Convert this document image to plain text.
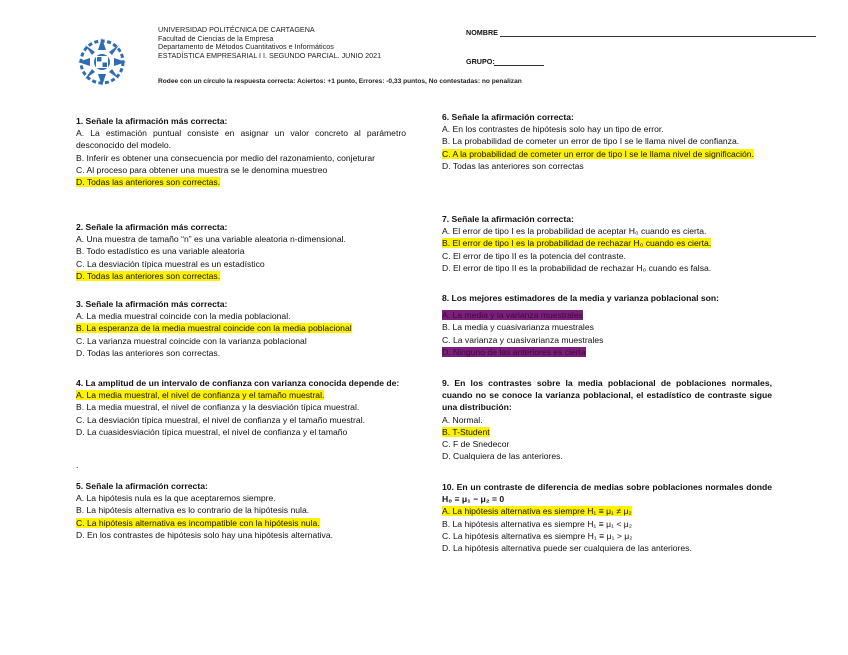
UNIVERSIDAD POLITÉCNICA DE CARTAGENA
Facultad de Ciencias de la Empresa
Departamento de Métodos Cuantitativos e Informáticos
ESTADÍSTICA EMPRESARIAL I I. SEGUNDO PARCIAL. JUNIO 2021
NOMBRE
GRUPO:
Rodee con un círculo la respuesta correcta: Aciertos: +1 punto, Errores: -0,33 puntos, No contestadas: no penalizan
1. Señale la afirmación más correcta:
A. La estimación puntual consiste en asignar un valor concreto al parámetro desconocido del modelo.
B. Inferir es obtener una consecuencia por medio del razonamiento, conjeturar
C. Al proceso para obtener una muestra se le denomina muestreo
D. Todas las anteriores son correctas.
2. Señale la afirmación más correcta:
A. Una muestra de tamaño “n” es una variable aleatoria n-dimensional.
B. Todo estadístico es una variable aleatoria
C. La desviación típica muestral es un estadístico
D. Todas las anteriores son correctas.
3. Señale la afirmación más correcta:
A. La media muestral coincide con la media poblacional.
B. La esperanza de la media muestral coincide con la media poblacional
C. La varianza muestral coincide con la varianza poblacional
D. Todas las anteriores son correctas.
4. La amplitud de un intervalo de confianza con varianza conocida depende de:
A. La media muestral, el nivel de confianza y el tamaño muestral.
B. La media muestral, el nivel de confianza y la desviación típica muestral.
C. La desviación típica muestral, el nivel de confianza y el tamaño muestral.
D. La cuasidesviación típica muestral, el nivel de confianza y el tamaño
.
5. Señale la afirmación correcta:
A. La hipótesis nula es la que aceptaremos siempre.
B. La hipótesis alternativa es lo contrario de la hipótesis nula.
C. La hipótesis alternativa es incompatible con la hipótesis nula.
D. En los contrastes de hipótesis solo hay una hipótesis alternativa.
6. Señale la afirmación correcta:
A. En los contrastes de hipótesis solo hay un tipo de error.
B. La probabilidad de cometer un error de tipo I se le llama nivel de confianza.
C. A la probabilidad de cometer un error de tipo I se le llama nivel de significación.
D. Todas las anteriores son correctas
7. Señale la afirmación correcta:
A. El error de tipo I es la probabilidad de aceptar H₀ cuando es cierta.
B. El error de tipo I es la probabilidad de rechazar H₀ cuando es cierta.
C. El error de tipo II es la potencia del contraste.
D. El error de tipo II es la probabilidad de rechazar H₀ cuando es falsa.
8. Los mejores estimadores de la media y varianza poblacional son:
A. La media y la varianza muestrales
B. La media y cuasivarianza muestrales
C. La varianza y cuasivarianza muestrales
D. Ninguno de las anteriores es cierta
9. En los contrastes sobre la media poblacional de poblaciones normales, cuando no se conoce la varianza poblacional, el estadístico de contraste sigue una distribución:
A. Normal.
B. T-Student
C. F de Snedecor
D. Cualquiera de las anteriores.
10. En un contraste de diferencia de medias sobre poblaciones normales donde H₀ ≡ μ₁ − μ₂ = 0
A. La hipótesis alternativa es siempre H₁ ≡ μ₁ ≠ μ₂
B. La hipótesis alternativa es siempre H₁ ≡ μ₁ < μ₂
C. La hipótesis alternativa es siempre H₁ ≡ μ₁ > μ₂
D. La hipótesis alternativa puede ser cualquiera de las anteriores.
